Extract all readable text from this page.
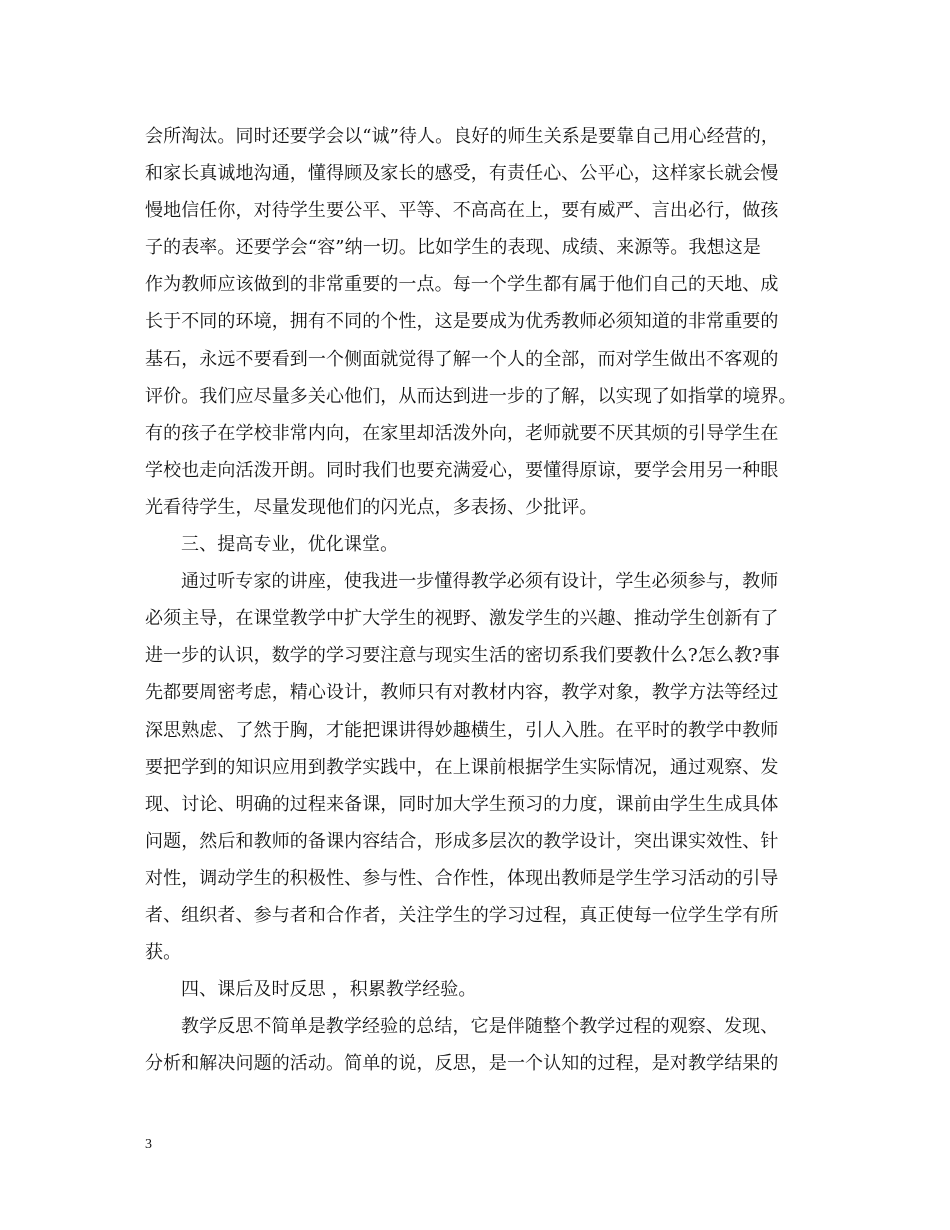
会所淘汰。同时还要学会以“诚”待人。良好的师生关系是要靠自己用心经营的，
和家长真诚地沟通，懂得顾及家长的感受，有责任心、公平心，这样家长就会慢
慢地信任你，对待学生要公平、平等、不高高在上，要有威严、言出必行，做孩
子的表率。还要学会“容”纳一切。比如学生的表现、成绩、来源等。我想这是
作为教师应该做到的非常重要的一点。每一个学生都有属于他们自己的天地、成
长于不同的环境，拥有不同的个性，这是要成为优秀教师必须知道的非常重要的
基石，永远不要看到一个侧面就觉得了解一个人的全部，而对学生做出不客观的
评价。我们应尽量多关心他们，从而达到进一步的了解，以实现了如指掌的境界。
有的孩子在学校非常内向，在家里却活泼外向，老师就要不厌其烦的引导学生在
学校也走向活泼开朗。同时我们也要充满爱心，要懂得原谅，要学会用另一种眼
光看待学生，尽量发现他们的闪光点，多表扬、少批评。
三、提高专业，优化课堂。
通过听专家的讲座，使我进一步懂得教学必须有设计，学生必须参与，教师
必须主导，在课堂教学中扩大学生的视野、激发学生的兴趣、推动学生创新有了
进一步的认识，数学的学习要注意与现实生活的密切系我们要教什么?怎么教?事
先都要周密考虑，精心设计，教师只有对教材内容，教学对象，教学方法等经过
深思熟虑、了然于胸，才能把课讲得妙趣横生，引人入胜。在平时的教学中教师
要把学到的知识应用到教学实践中，在上课前根据学生实际情况，通过观察、发
现、讨论、明确的过程来备课，同时加大学生预习的力度，课前由学生生成具体
问题，然后和教师的备课内容结合，形成多层次的教学设计，突出课实效性、针
对性，调动学生的积极性、参与性、合作性，体现出教师是学生学习活动的引导
者、组织者、参与者和合作者，关注学生的学习过程，真正使每一位学生学有所
获。
四、课后及时反思 ，积累教学经验。
教学反思不简单是教学经验的总结，它是伴随整个教学过程的观察、发现、
分析和解决问题的活动。简单的说，反思，是一个认知的过程，是对教学结果的
3
